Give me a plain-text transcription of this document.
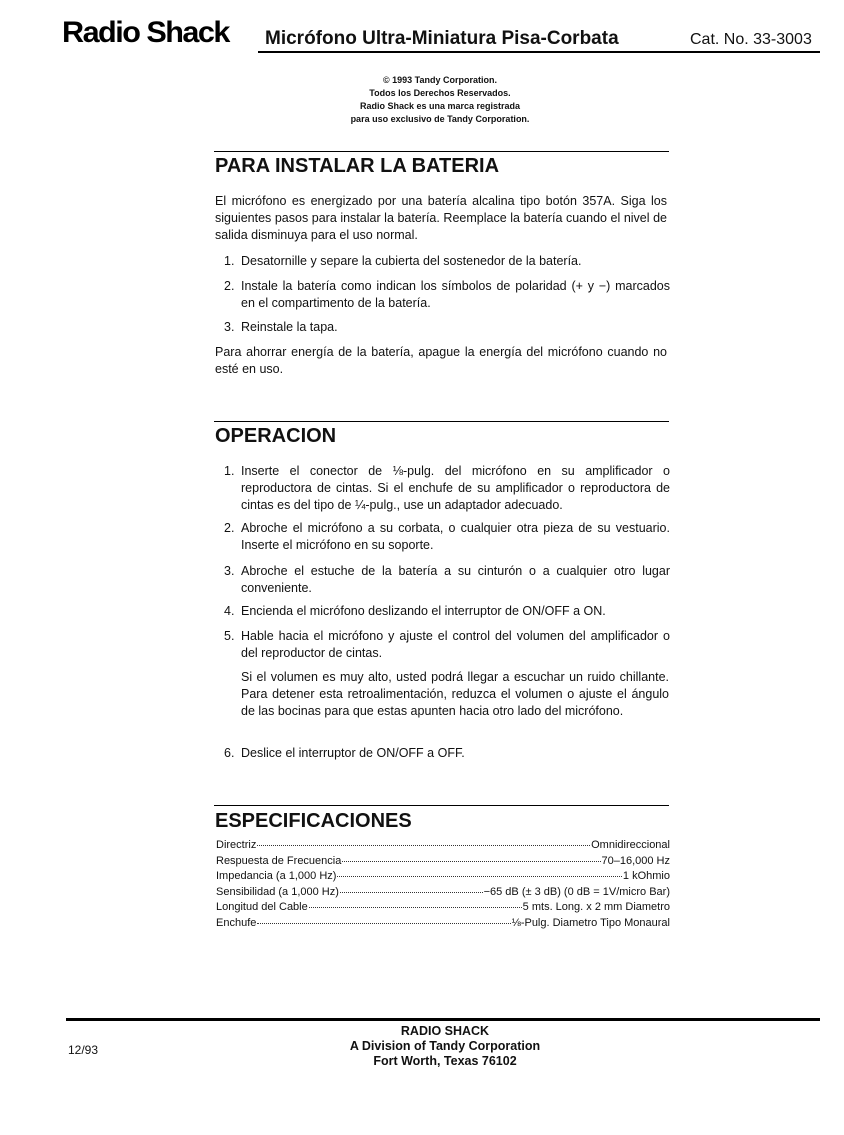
Radio Shack Micrófono Ultra-Miniatura Pisa-Corbata	Cat. No. 33-3003
© 1993 Tandy Corporation.
Todos los Derechos Reservados.
Radio Shack es una marca registrada
para uso exclusivo de Tandy Corporation.
PARA INSTALAR LA BATERIA
El micrófono es energizado por una batería alcalina tipo botón 357A. Siga los siguientes pasos para instalar la batería. Reemplace la batería cuando el nivel de salida disminuya para el uso normal.
1. Desatornille y separe la cubierta del sostenedor de la batería.
2. Instale la batería como indican los símbolos de polaridad (+ y −) marcados en el compartimento de la batería.
3. Reinstale la tapa.
Para ahorrar energía de la batería, apague la energía del micrófono cuando no esté en uso.
OPERACION
1. Inserte el conector de ⅛-pulg. del micrófono en su amplificador o reproductora de cintas. Si el enchufe de su amplificador o reproductora de cintas es del tipo de ¼-pulg., use un adaptador adecuado.
2. Abroche el micrófono a su corbata, o cualquier otra pieza de su vestuario. Inserte el micrófono en su soporte.
3. Abroche el estuche de la batería a su cinturón o a cualquier otro lugar conveniente.
4. Encienda el micrófono deslizando el interruptor de ON/OFF a ON.
5. Hable hacia el micrófono y ajuste el control del volumen del amplificador o del reproductor de cintas.
Si el volumen es muy alto, usted podrá llegar a escuchar un ruido chillante. Para detener esta retroalimentación, reduzca el volumen o ajuste el ángulo de las bocinas para que estas apunten hacia otro lado del micrófono.
6. Deslice el interruptor de ON/OFF a OFF.
ESPECIFICACIONES
Directriz	Omnidireccional
Respuesta de Frecuencia	70–16,000 Hz
Impedancia (a 1,000 Hz)	1 kOhmio
Sensibilidad (a 1,000 Hz)	−65 dB (± 3 dB) (0 dB = 1V/micro Bar)
Longitud del Cable	5 mts. Long. x 2 mm Diametro
Enchufe	⅛-Pulg. Diametro Tipo Monaural
12/93
RADIO SHACK
A Division of Tandy Corporation
Fort Worth, Texas 76102
